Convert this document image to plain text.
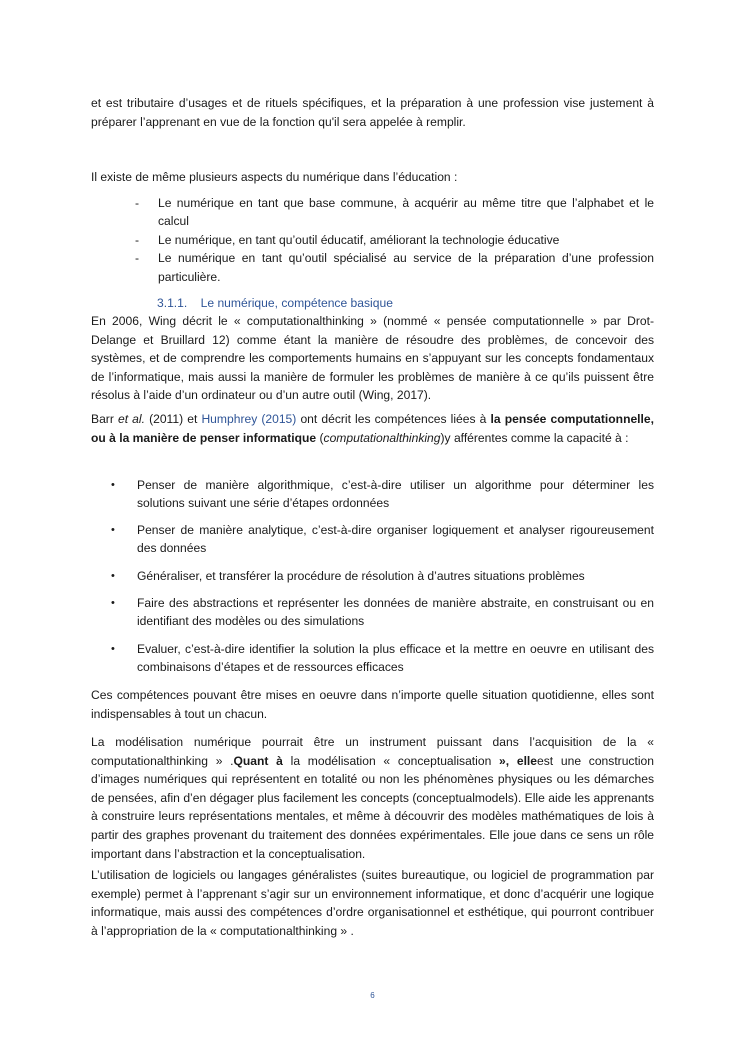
et est tributaire d’usages et de rituels spécifiques, et la préparation à une profession vise justement à préparer l’apprenant en vue de la fonction qu'il sera appelée à remplir.

Il existe de même plusieurs aspects du numérique dans l’éducation :

- Le numérique en tant que base commune, à acquérir au même titre que l’alphabet et le calcul
- Le numérique, en tant qu’outil éducatif, améliorant la technologie éducative
- Le numérique en tant qu’outil spécialisé au service de la préparation d’une profession particulière.
3.1.1. Le numérique, compétence basique

En 2006, Wing décrit le « computationalthinking » (nommé « pensée computationnelle » par Drot-Delange et Bruillard 12) comme étant la manière de résoudre des problèmes, de concevoir des systèmes, et de comprendre les comportements humains en s’appuyant sur les concepts fondamentaux de l’informatique, mais aussi la manière de formuler les problèmes de manière à ce qu’ils puissent être résolus à l’aide d’un ordinateur ou d’un autre outil (Wing, 2017).

Barr et al. (2011) et Humphrey (2015) ont décrit les compétences liées à la pensée computationnelle, ou à la manière de penser informatique (computationalthinking)y afférentes comme la capacité à :

• Penser de manière algorithmique, c’est-à-dire utiliser un algorithme pour déterminer les solutions suivant une série d’étapes ordonnées
• Penser de manière analytique, c’est-à-dire organiser logiquement et analyser rigoureusement des données
• Généraliser, et transférer la procédure de résolution à d’autres situations problèmes
• Faire des abstractions et représenter les données de manière abstraite, en construisant ou en identifiant des modèles ou des simulations
• Evaluer, c’est-à-dire identifier la solution la plus efficace et la mettre en oeuvre en utilisant des combinaisons d’étapes et de ressources efficaces

Ces compétences pouvant être mises en oeuvre dans n’importe quelle situation quotidienne, elles sont indispensables à tout un chacun.

La modélisation numérique pourrait être un instrument puissant dans l’acquisition de la « computationalthinking » .Quant à la modélisation « conceptualisation », elleest une construction d’images numériques qui représentent en totalité ou non les phénomènes physiques ou les démarches de pensées, afin d’en dégager plus facilement les concepts (conceptualmodels). Elle aide les apprenants à construire leurs représentations mentales, et même à découvrir des modèles mathématiques de lois à partir des graphes provenant du traitement des données expérimentales. Elle joue dans ce sens un rôle important dans l’abstraction et la conceptualisation.

L’utilisation de logiciels ou langages généralistes (suites bureautique, ou logiciel de programmation par exemple) permet à l’apprenant s’agir sur un environnement informatique, et donc d’acquérir une logique informatique, mais aussi des compétences d’ordre organisationnel et esthétique, qui pourront contribuer à l’appropriation de la « computationalthinking » .

6
